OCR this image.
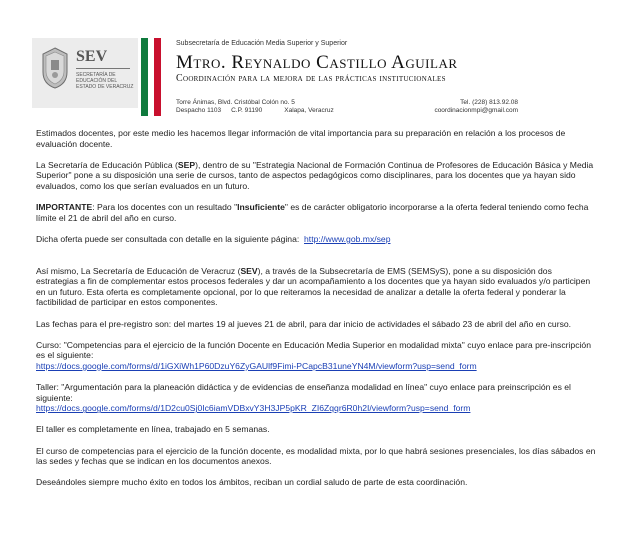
SEV
SECRETARÍA DE EDUCACIÓN DEL ESTADO DE VERACRUZ
Subsecretaría de Educación Media Superior y Superior
Mtro. Reynaldo Castillo Aguilar
Coordinación para la mejora de las prácticas institucionales
Torre Ánimas, Blvd. Cristóbal Colón no. 5
Despacho 1103 C.P. 91190	Xalapa, Veracruz
Tel. (228) 813.92.08
coordinacionmpi@gmail.com

Estimados docentes, por este medio les hacemos llegar información de vital importancia para su preparación en relación a los procesos de evaluación docente.

La Secretaría de Educación Pública (SEP), dentro de su "Estrategia Nacional de Formación Continua de Profesores de Educación Básica y Media Superior" pone a su disposición una serie de cursos, tanto de aspectos pedagógicos como disciplinares, para los docentes que ya hayan sido evaluados, como los que serían evaluados en un futuro.

IMPORTANTE: Para los docentes con un resultado "Insuficiente" es de carácter obligatorio incorporarse a la oferta federal teniendo como fecha límite el 21 de abril del año en curso.

Dicha oferta puede ser consultada con detalle en la siguiente página: http://www.gob.mx/sep

Así mismo, La Secretaría de Educación de Veracruz (SEV), a través de la Subsecretaría de EMS (SEMSyS), pone a su disposición dos estrategias a fin de complementar estos procesos federales y dar un acompañamiento a los docentes que ya hayan sido evaluados y/o participen en un futuro. Esta oferta es completamente opcional, por lo que reiteramos la necesidad de analizar a detalle la oferta federal y ponderar la factibilidad de participar en estos componentes.

Las fechas para el pre-registro son: del martes 19 al jueves 21 de abril, para dar inicio de actividades el sábado 23 de abril del año en curso.

Curso: "Competencias para el ejercicio de la función Docente en Educación Media Superior en modalidad mixta" cuyo enlace para pre-inscripción es el siguiente:
https://docs.google.com/forms/d/1iGXiWh1P60DzuY6ZyGAUlf9Fimi-PCapcB31uneYN4M/viewform?usp=send_form

Taller: "Argumentación para la planeación didáctica y de evidencias de enseñanza modalidad en línea" cuyo enlace para preinscripción es el siguiente:
https://docs.google.com/forms/d/1D2cu0Sj0Ic6iamVDBxvY3H3JP5pKR_ZI6Zqqr6R0h2I/viewform?usp=send_form

El taller es completamente en línea, trabajado en 5 semanas.

El curso de competencias para el ejercicio de la función docente, es modalidad mixta, por lo que habrá sesiones presenciales, los días sábados en las sedes y fechas que se indican en los documentos anexos.

Deseándoles siempre mucho éxito en todos los ámbitos, reciban un cordial saludo de parte de esta coordinación.
